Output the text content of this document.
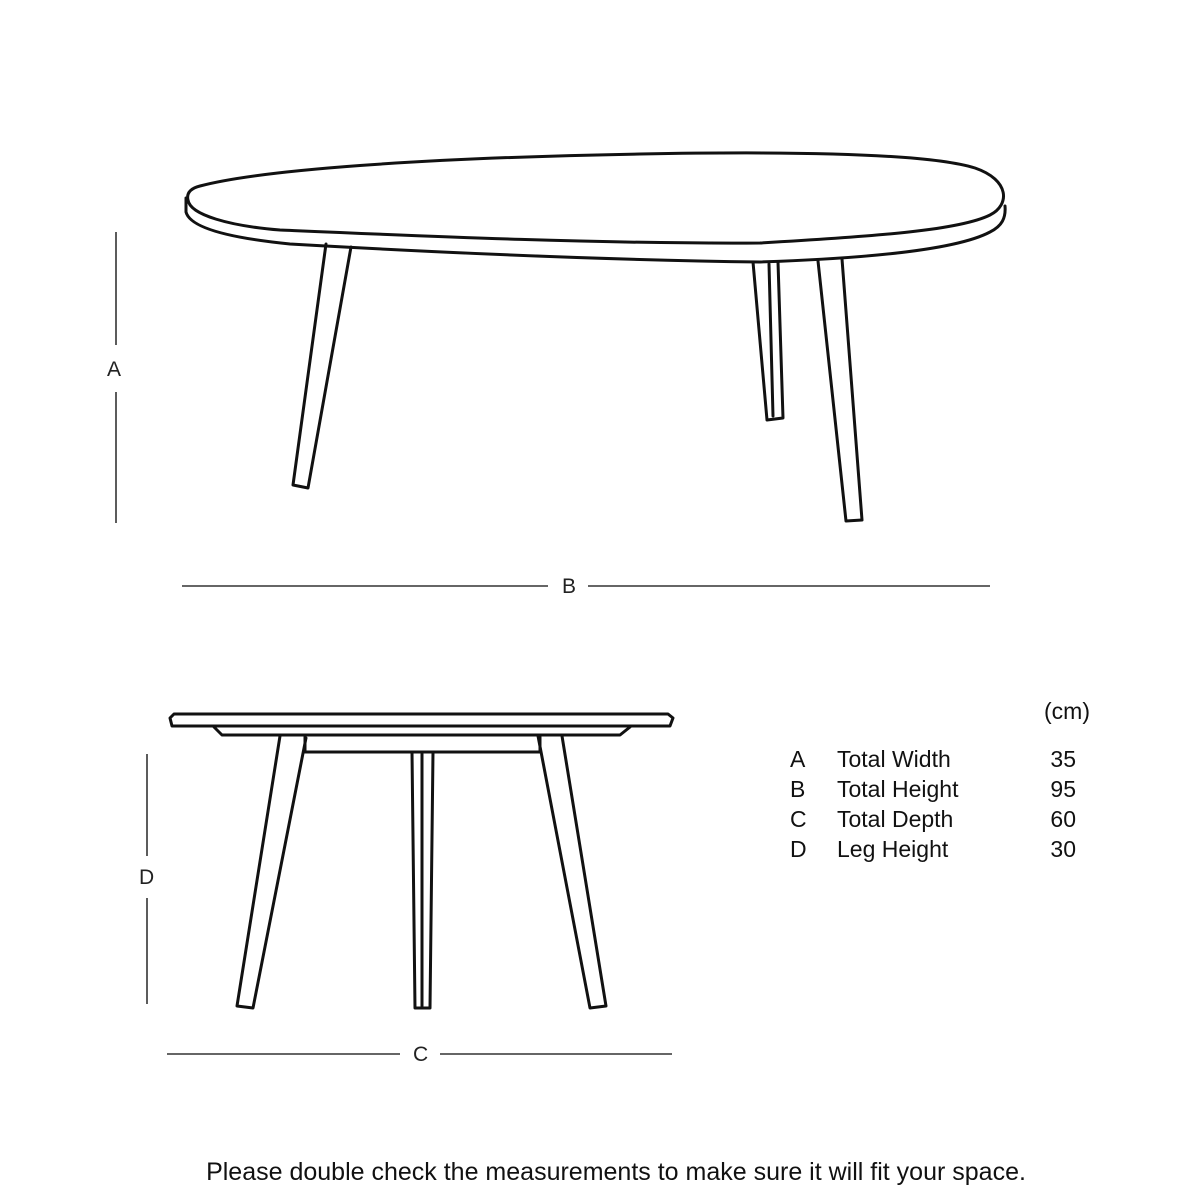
A
B
D
C
(cm)
A Total Width	35
B Total Height	95
C Total Depth	60
D Leg Height	30
Please double check the measurements to make sure it will fit your space.
